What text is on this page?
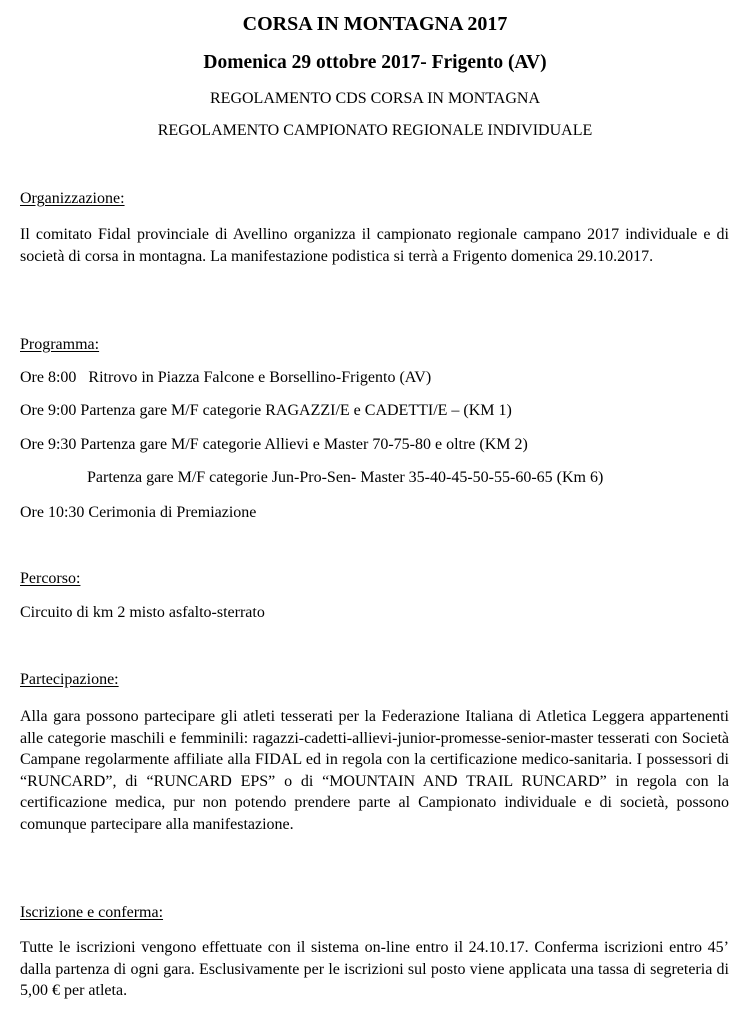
CORSA IN MONTAGNA 2017
Domenica 29 ottobre 2017- Frigento (AV)
REGOLAMENTO CDS CORSA IN MONTAGNA
REGOLAMENTO CAMPIONATO REGIONALE INDIVIDUALE
Organizzazione:
Il comitato Fidal provinciale di Avellino organizza il campionato regionale campano 2017 individuale e di società di corsa in montagna. La manifestazione podistica si terrà a Frigento domenica 29.10.2017.
Programma:
Ore 8:00   Ritrovo in Piazza Falcone e Borsellino-Frigento (AV)
Ore 9:00 Partenza gare M/F categorie RAGAZZI/E e CADETTI/E – (KM 1)
Ore 9:30 Partenza gare M/F categorie Allievi e Master 70-75-80 e oltre (KM 2)
Partenza gare M/F categorie Jun-Pro-Sen- Master 35-40-45-50-55-60-65 (Km 6)
Ore 10:30 Cerimonia di Premiazione
Percorso:
Circuito di km 2 misto asfalto-sterrato
Partecipazione:
Alla gara possono partecipare gli atleti tesserati per la Federazione Italiana di Atletica Leggera appartenenti alle categorie maschili e femminili: ragazzi-cadetti-allievi-junior-promesse-senior-master tesserati con Società Campane regolarmente affiliate alla FIDAL ed in regola con la certificazione medico-sanitaria. I possessori di “RUNCARD”, di “RUNCARD EPS” o di “MOUNTAIN AND TRAIL RUNCARD” in regola con la certificazione medica, pur non potendo prendere parte al Campionato individuale e di società, possono comunque partecipare alla manifestazione.
Iscrizione e conferma:
Tutte le iscrizioni vengono effettuate con il sistema on-line entro il 24.10.17. Conferma iscrizioni entro 45’ dalla partenza di ogni gara. Esclusivamente per le iscrizioni sul posto viene applicata una tassa di segreteria di 5,00 € per atleta.
